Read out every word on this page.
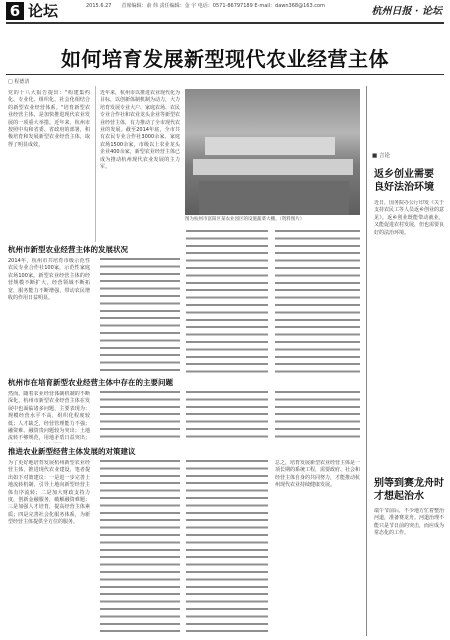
6 论坛	2015.6.27　　首席编辑：俞 炜 责任编辑：金 宇 电话：0571-86797189 E-mail：dawn368@163.com	杭州日报 · 论坛
如何培育发展新型现代农业经营主体
□ 程德清
党的十八大报告提出："构建集约化、专业化、组织化、社会化相结合的新型农业经营体系。"培育新型农业经营主体，是加快推进现代农业发展的一项重大举措。近年来，杭州市按照中央和省委、省政府的部署，积极培育和发展新型农业经营主体，取得了明显成效。
近年来，杭州市以推进农业现代化为目标，以创新体制机制为动力，大力培育发展专业大户、家庭农场、农民专业合作社和农业龙头企业等新型农业经营主体，有力推动了全市现代农业的发展。截至2014年底，全市共有农民专业合作社3000余家，家庭农场1500余家，市级以上农业龙头企业400余家，新型农业经营主体已成为推动杭州现代农业发展的主力军。
图为杭州市富阳区某农业园区的设施蔬菜大棚。（资料图片）
杭州市新型农业经营主体的发展状况
2014年，杭州市共培育市级示范性农民专业合作社100家，示范性家庭农场100家。新型农业经营主体的经营规模不断扩大，经营领域不断拓宽，服务能力不断增强，带动农民增收的作用日益明显。
杭州市在培育新型农业经营主体中存在的主要问题
然而，随着农业经营体制机制的不断深化，杭州市新型农业经营主体在发展中也面临诸多问题，主要表现为：规模经营水平不高，组织化程度较低；人才缺乏，经营管理能力不强；融资难、融资贵问题较为突出；土地流转不够规范，用地矛盾日益突出；
推进农业新型经营主体发展的对策建议
为了更好地培育发展杭州新型农业经营主体，推进现代农业建设，笔者提出如下对策建议：一是进一步完善土地流转机制，引导土地向新型经营主体有序流转；二是加大财政支持力度，创新金融服务，破解融资难题；三是加强人才培育，提高经营主体素质；四是完善社会化服务体系，为新型经营主体提供全方位的服务。
总之，培育发展新型农业经营主体是一项长期的系统工程，需要政府、社会和经营主体自身的共同努力，才能推动杭州现代农业持续健康发展。
■ 言论
返乡创业需要
良好法治环境
近日，国务院办公厅印发《关于支持农民工等人员返乡创业的意见》。返乡创业既能带动就业，又能促进农村发展，但也需要良好的法治环境。
别等到赛龙舟时
才想起治水
端午节前后，不少地方忙着整治河道，准备赛龙舟。河道治理不能只是节日前的突击，而应成为常态化的工作。
